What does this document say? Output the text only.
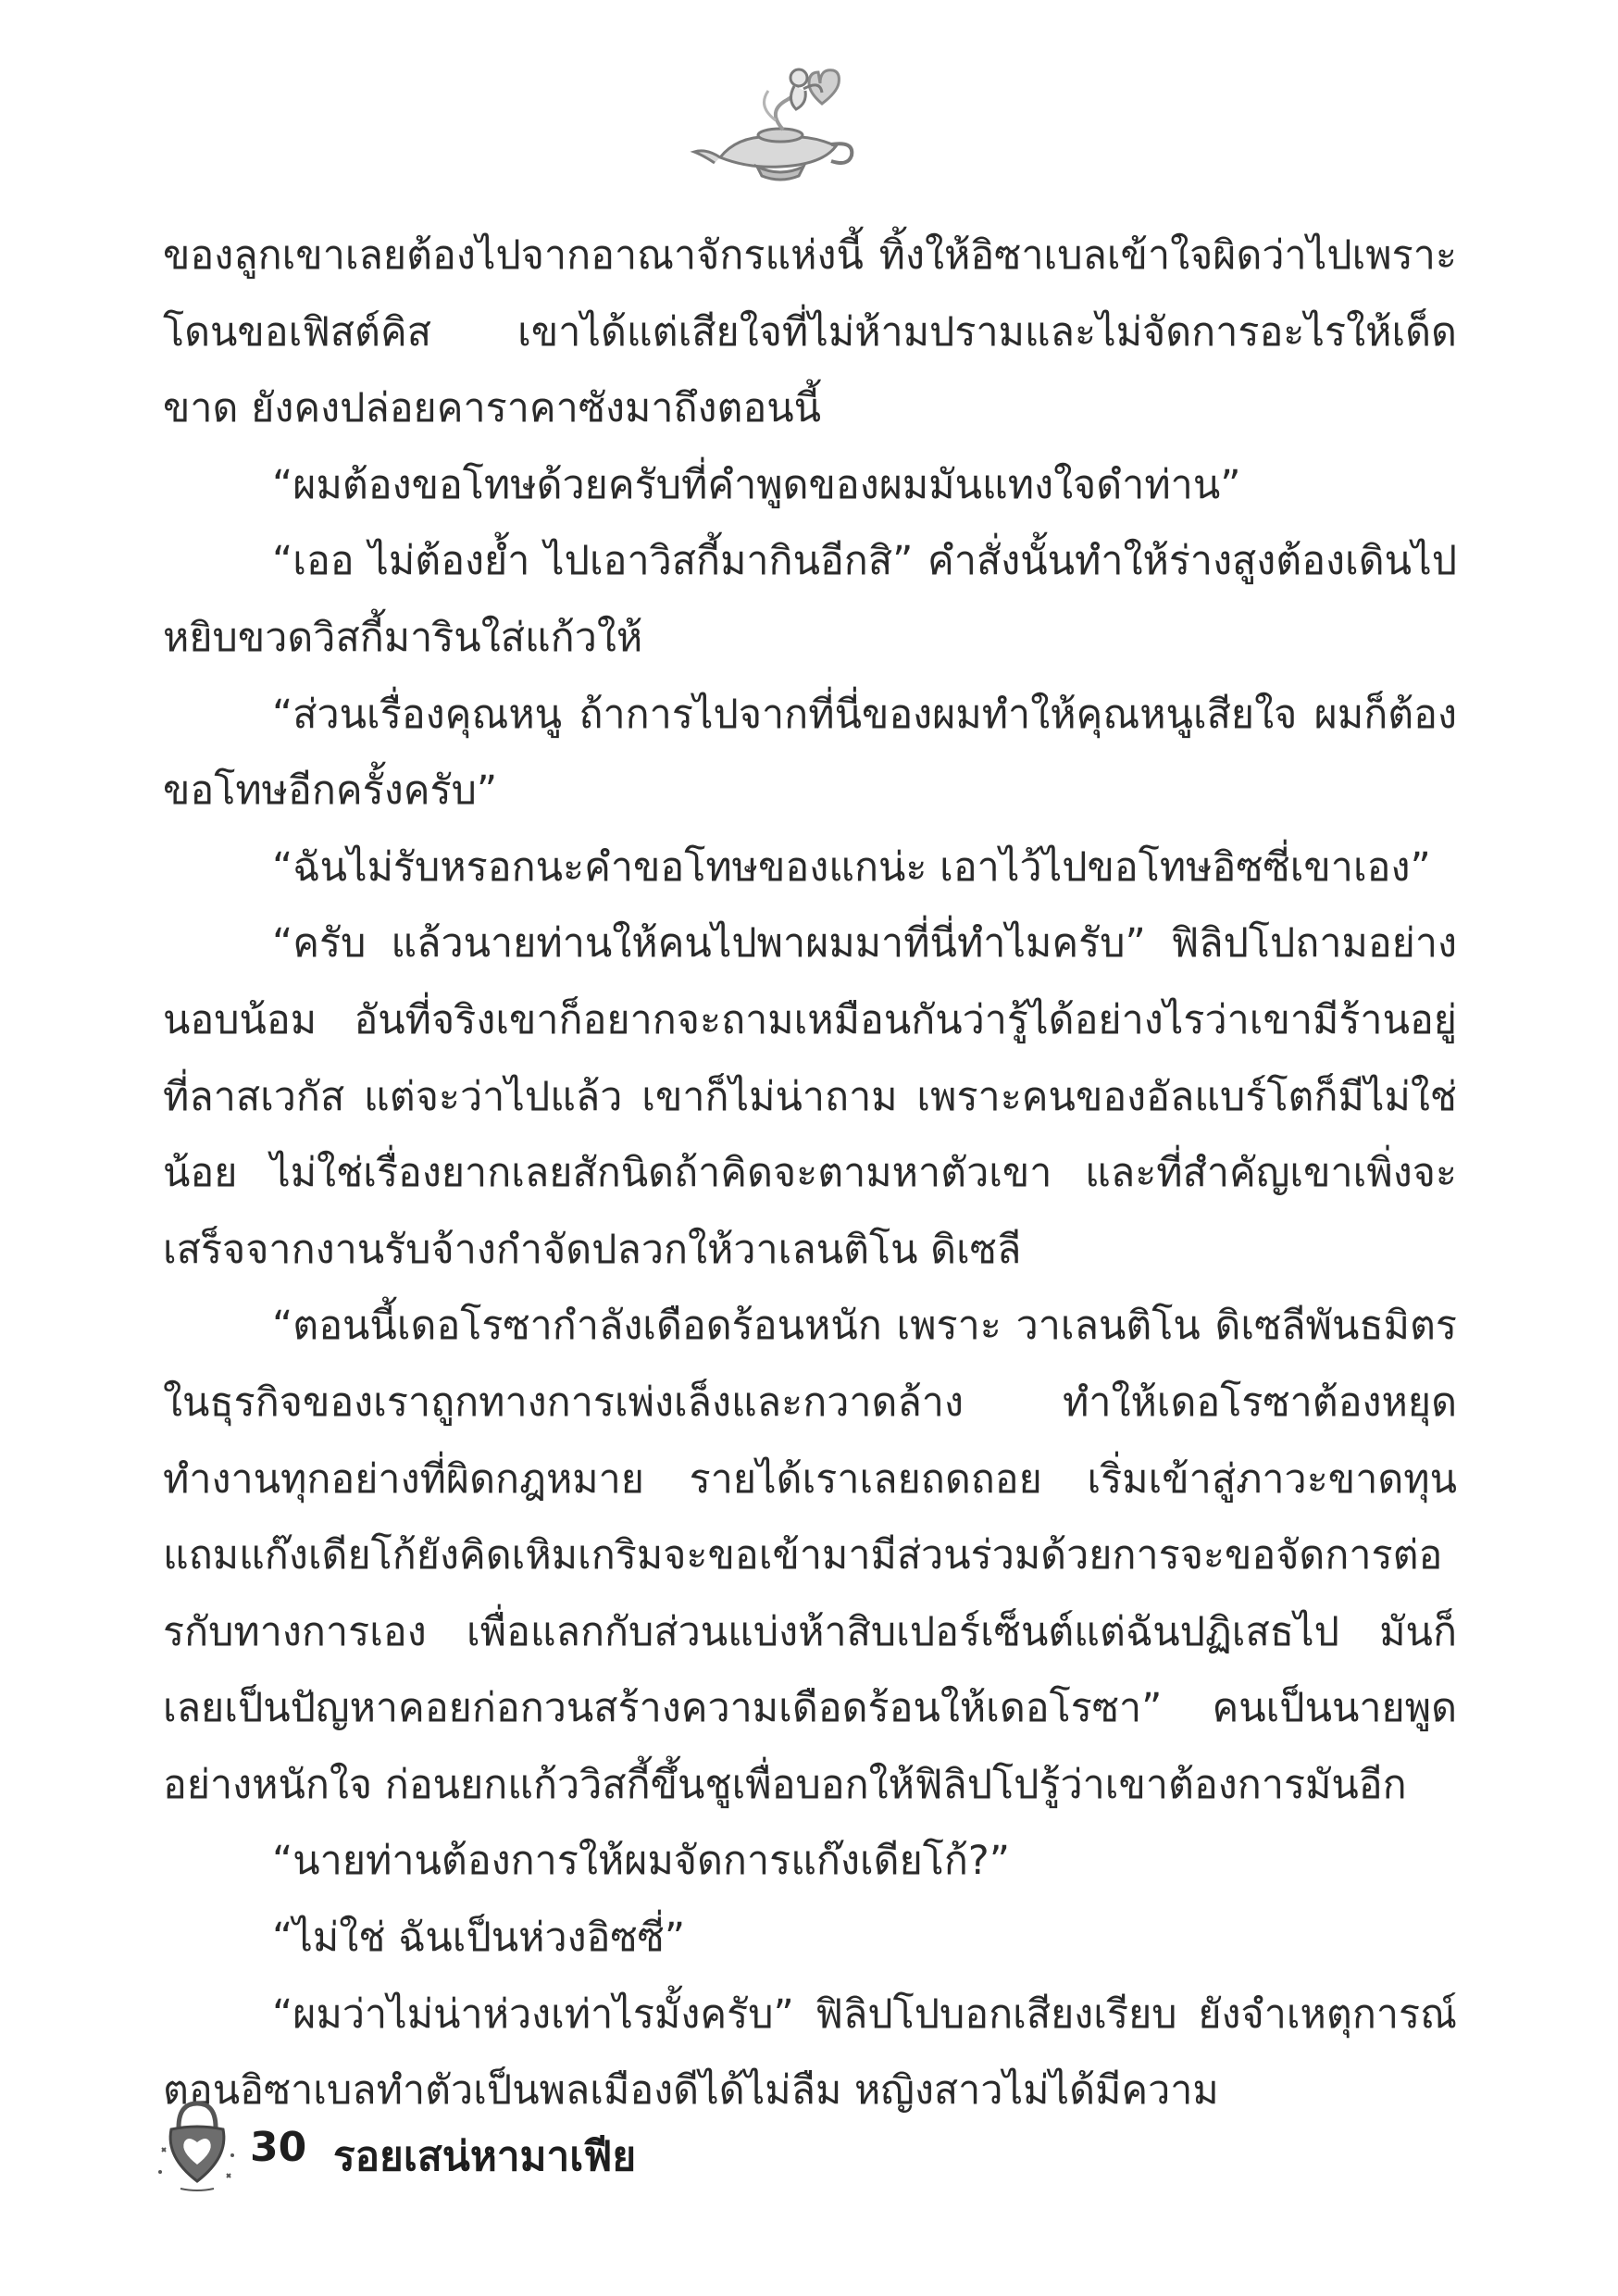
ของลูกเขาเลยต้องไปจากอาณาจักรแห่งนี้ ทิ้งให้อิซาเบลเข้าใจผิดว่าไปเพราะโดนขอเฟิสต์คิส เขาได้แต่เสียใจที่ไม่ห้ามปรามและไม่จัดการอะไรให้เด็ดขาด ยังคงปล่อยคาราคาซังมาถึงตอนนี้

“ผมต้องขอโทษด้วยครับที่คำพูดของผมมันแทงใจดำท่าน”

“เออ ไม่ต้องย้ำ ไปเอาวิสกี้มากินอีกสิ” คำสั่งนั้นทำให้ร่างสูงต้องเดินไปหยิบขวดวิสกี้มารินใส่แก้วให้

“ส่วนเรื่องคุณหนู ถ้าการไปจากที่นี่ของผมทำให้คุณหนูเสียใจ ผมก็ต้องขอโทษอีกครั้งครับ”

“ฉันไม่รับหรอกนะคำขอโทษของแกน่ะ เอาไว้ไปขอโทษอิซซี่เขาเอง”

“ครับ แล้วนายท่านให้คนไปพาผมมาที่นี่ทำไมครับ” ฟิลิปโปถามอย่างนอบน้อม อันที่จริงเขาก็อยากจะถามเหมือนกันว่ารู้ได้อย่างไรว่าเขามีร้านอยู่ที่ลาสเวกัส แต่จะว่าไปแล้ว เขาก็ไม่น่าถาม เพราะคนของอัลแบร์โตก็มีไม่ใช่น้อย ไม่ใช่เรื่องยากเลยสักนิดถ้าคิดจะตามหาตัวเขา และที่สำคัญเขาเพิ่งจะเสร็จจากงานรับจ้างกำจัดปลวกให้วาเลนติโน ดิเซลี

“ตอนนี้เดอโรซากำลังเดือดร้อนหนัก เพราะ วาเลนติโน ดิเซลีพันธมิตรในธุรกิจของเราถูกทางการเพ่งเล็งและกวาดล้าง ทำให้เดอโรซาต้องหยุดทำงานทุกอย่างที่ผิดกฎหมาย รายได้เราเลยถดถอย เริ่มเข้าสู่ภาวะขาดทุน แถมแก๊งเดียโก้ยังคิดเหิมเกริมจะขอเข้ามามีส่วนร่วมด้วยการจะขอจัดการต่อรกับทางการเอง เพื่อแลกกับส่วนแบ่งห้าสิบเปอร์เซ็นต์แต่ฉันปฏิเสธไป มันก็เลยเป็นปัญหาคอยก่อกวนสร้างความเดือดร้อนให้เดอโรซา” คนเป็นนายพูดอย่างหนักใจ ก่อนยกแก้ววิสกี้ขึ้นชูเพื่อบอกให้ฟิลิปโปรู้ว่าเขาต้องการมันอีก

“นายท่านต้องการให้ผมจัดการแก๊งเดียโก้?”

“ไม่ใช่ ฉันเป็นห่วงอิซซี่”

“ผมว่าไม่น่าห่วงเท่าไรมั้งครับ” ฟิลิปโปบอกเสียงเรียบ ยังจำเหตุการณ์ตอนอิซาเบลทำตัวเป็นพลเมืองดีได้ไม่ลืม หญิงสาวไม่ได้มีความ

30 รอยเสน่หามาเฟีย
